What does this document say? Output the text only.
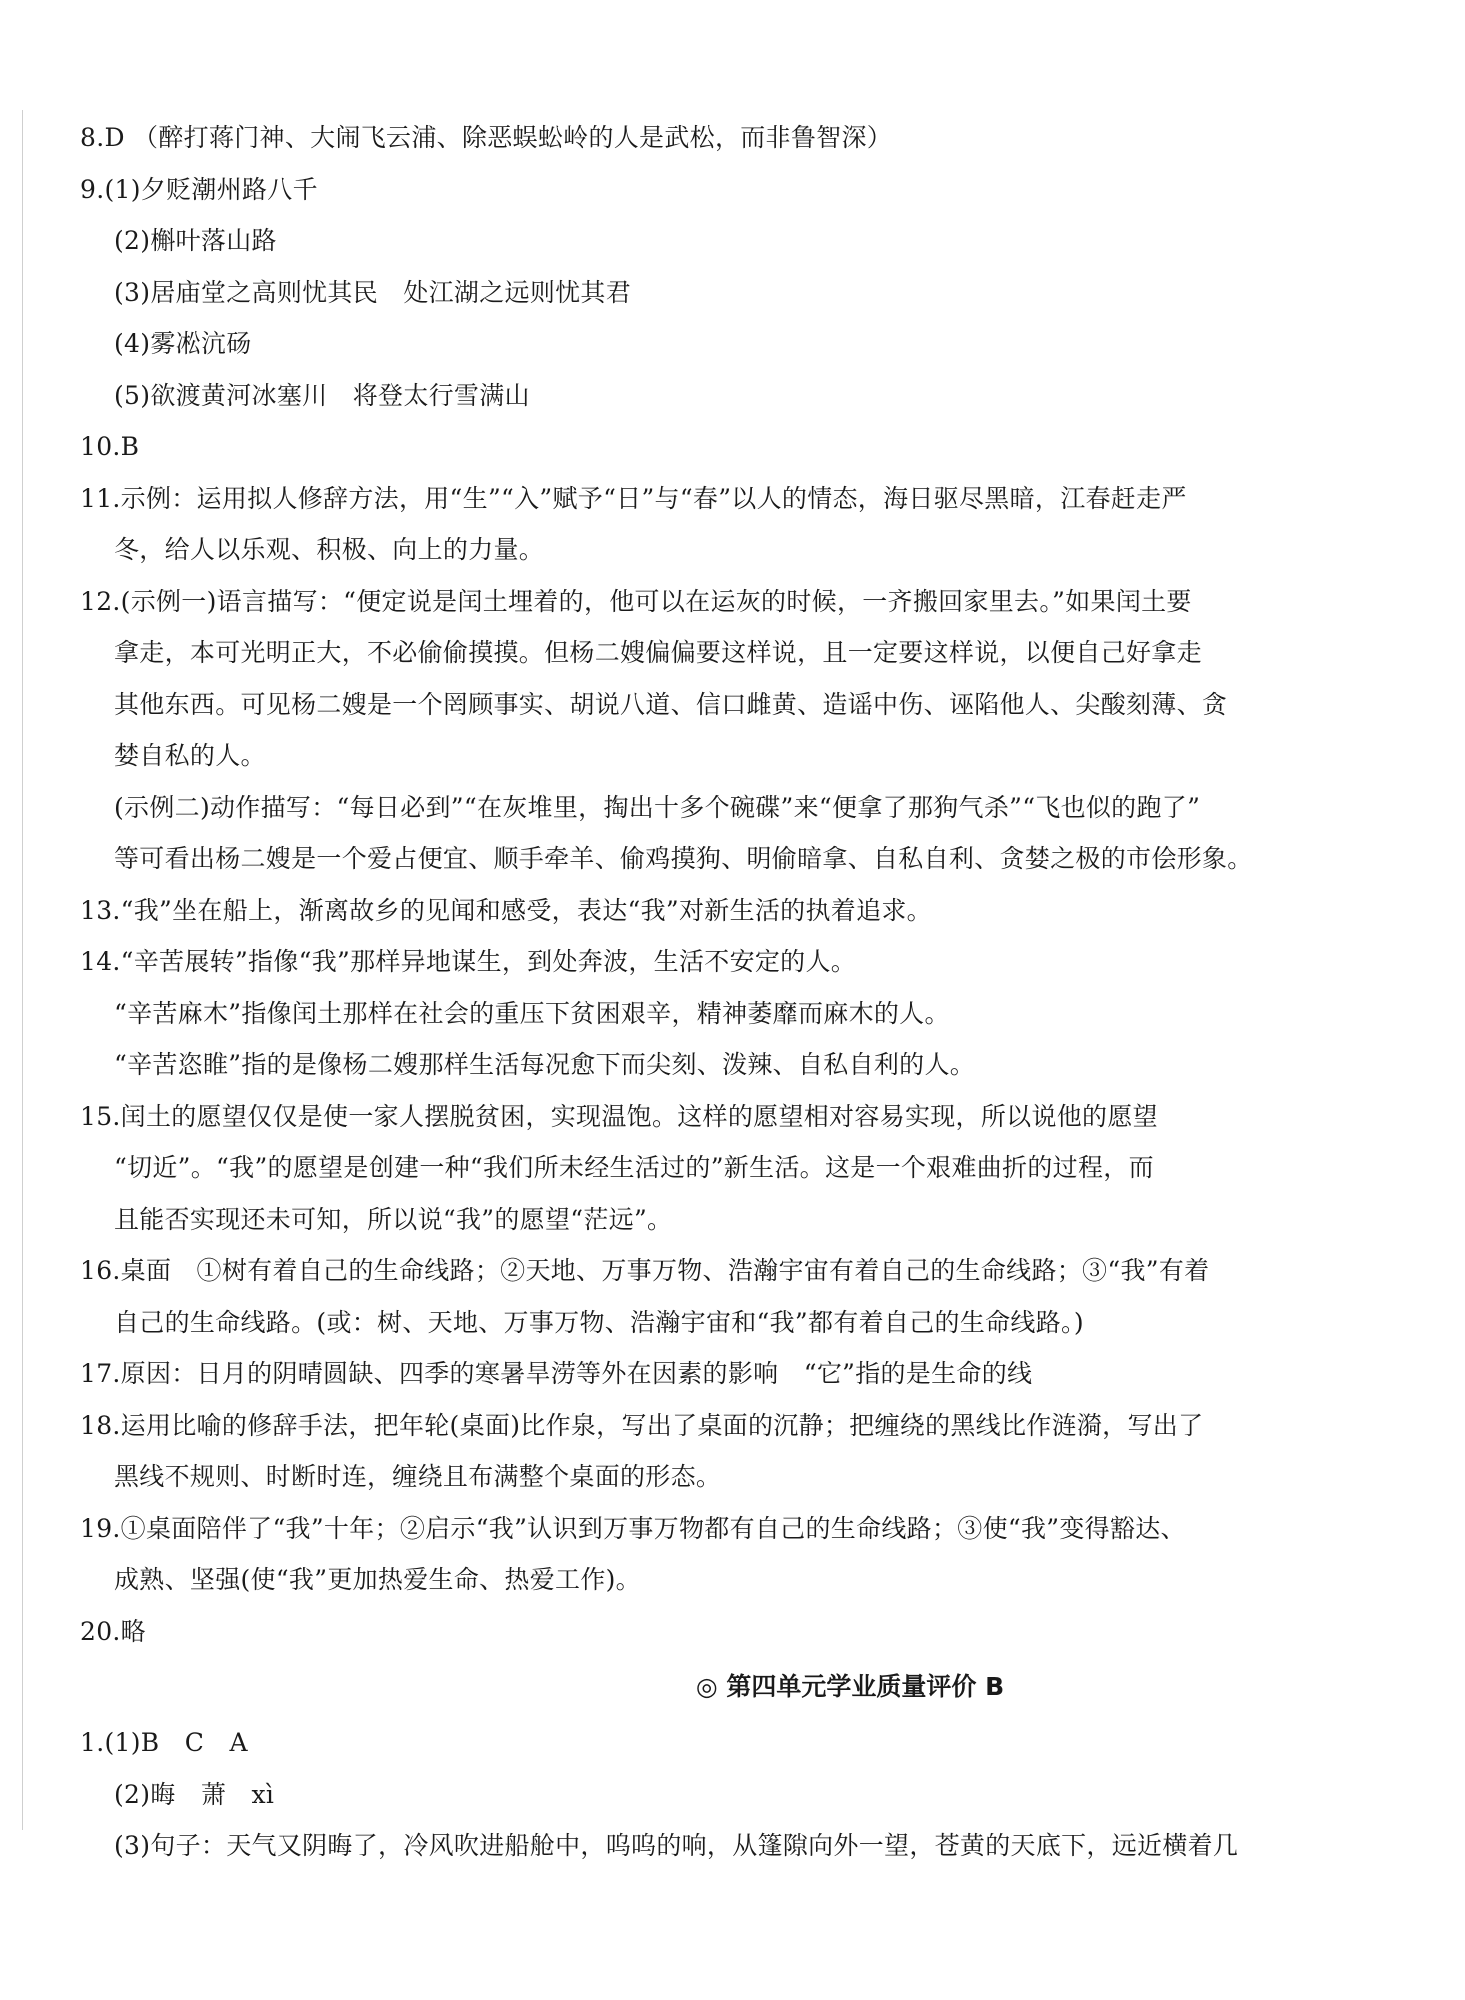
8.D （醉打蒋门神、大闹飞云浦、除恶蜈蚣岭的人是武松，而非鲁智深）
9.(1)夕贬潮州路八千
(2)槲叶落山路
(3)居庙堂之高则忧其民　处江湖之远则忧其君
(4)雾凇沆砀
(5)欲渡黄河冰塞川　将登太行雪满山
10.B
11.示例：运用拟人修辞方法，用“生”“入”赋予“日”与“春”以人的情态，海日驱尽黑暗，江春赶走严
冬，给人以乐观、积极、向上的力量。
12.(示例一)语言描写：“便定说是闰土埋着的，他可以在运灰的时候，一齐搬回家里去。”如果闰土要
拿走，本可光明正大，不必偷偷摸摸。但杨二嫂偏偏要这样说，且一定要这样说，以便自己好拿走
其他东西。可见杨二嫂是一个罔顾事实、胡说八道、信口雌黄、造谣中伤、诬陷他人、尖酸刻薄、贪
婪自私的人。
(示例二)动作描写：“每日必到”“在灰堆里，掏出十多个碗碟”来“便拿了那狗气杀”“飞也似的跑了”
等可看出杨二嫂是一个爱占便宜、顺手牵羊、偷鸡摸狗、明偷暗拿、自私自利、贪婪之极的市侩形象。
13.“我”坐在船上，渐离故乡的见闻和感受，表达“我”对新生活的执着追求。
14.“辛苦展转”指像“我”那样异地谋生，到处奔波，生活不安定的人。
“辛苦麻木”指像闰土那样在社会的重压下贫困艰辛，精神萎靡而麻木的人。
“辛苦恣睢”指的是像杨二嫂那样生活每况愈下而尖刻、泼辣、自私自利的人。
15.闰土的愿望仅仅是使一家人摆脱贫困，实现温饱。这样的愿望相对容易实现，所以说他的愿望
“切近”。“我”的愿望是创建一种“我们所未经生活过的”新生活。这是一个艰难曲折的过程，而
且能否实现还未可知，所以说“我”的愿望“茫远”。
16.桌面　①树有着自己的生命线路；②天地、万事万物、浩瀚宇宙有着自己的生命线路；③“我”有着
自己的生命线路。(或：树、天地、万事万物、浩瀚宇宙和“我”都有着自己的生命线路。)
17.原因：日月的阴晴圆缺、四季的寒暑旱涝等外在因素的影响　“它”指的是生命的线
18.运用比喻的修辞手法，把年轮(桌面)比作泉，写出了桌面的沉静；把缠绕的黑线比作涟漪，写出了
黑线不规则、时断时连，缠绕且布满整个桌面的形态。
19.①桌面陪伴了“我”十年；②启示“我”认识到万事万物都有自己的生命线路；③使“我”变得豁达、
成熟、坚强(使“我”更加热爱生命、热爱工作)。
20.略
◎ 第四单元学业质量评价 B
1.(1)B　C　A
(2)晦　萧　xì
(3)句子：天气又阴晦了，冷风吹进船舱中，呜呜的响，从篷隙向外一望，苍黄的天底下，远近横着几
